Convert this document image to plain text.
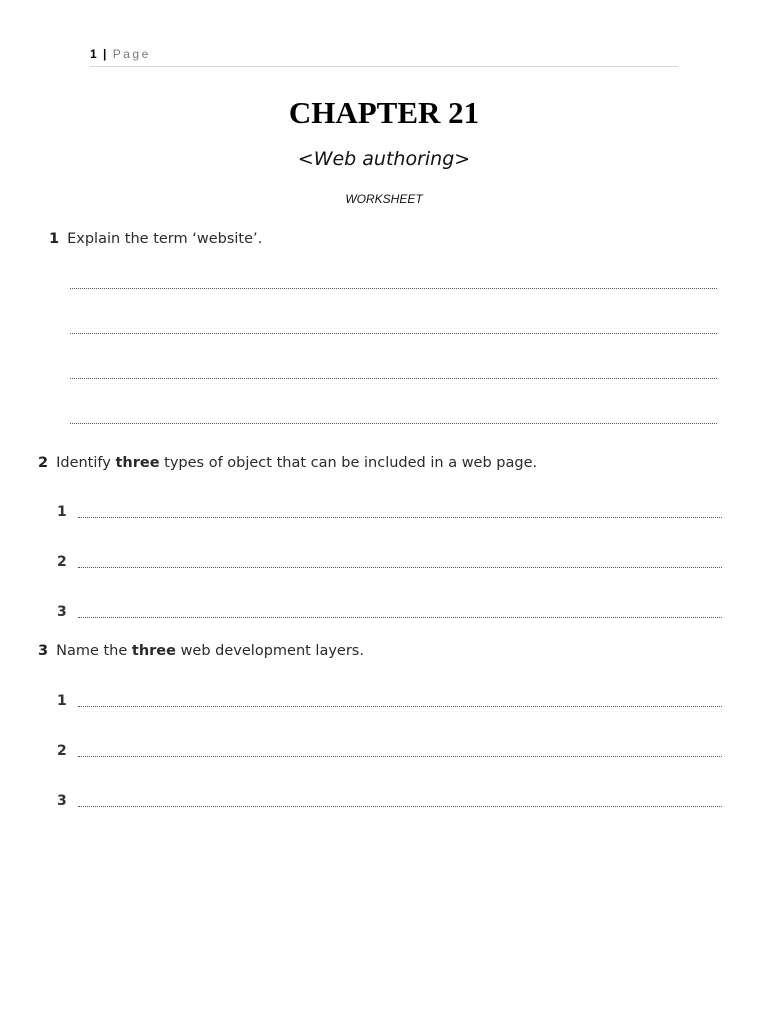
1 | Page
CHAPTER 21
<Web authoring>
WORKSHEET
1 Explain the term ‘website’.
2 Identify three types of object that can be included in a web page.
1
2
3
3 Name the three web development layers.
1
2
3
